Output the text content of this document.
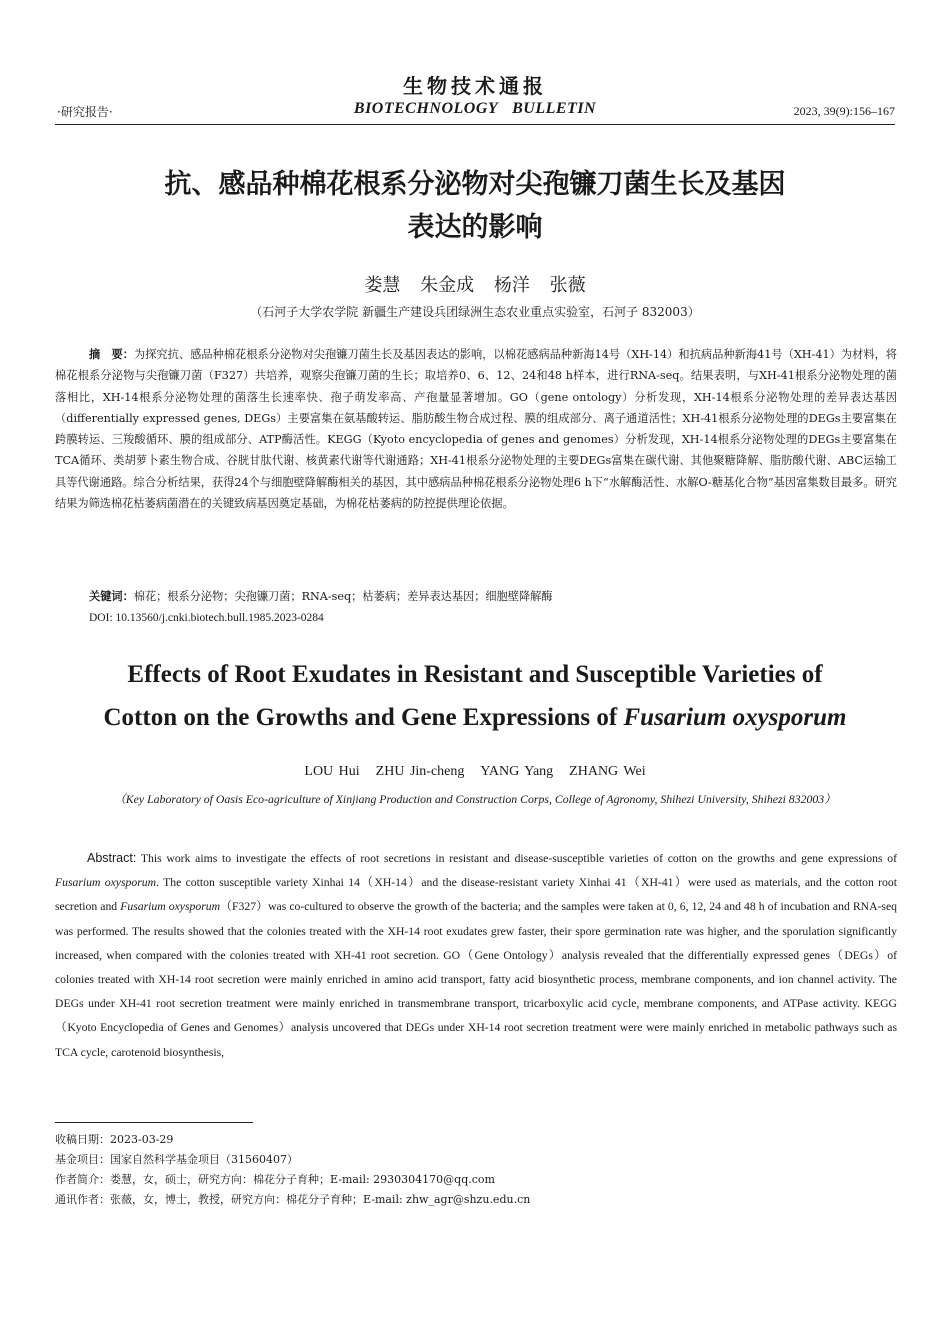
生物技术通报
·研究报告·	BIOTECHNOLOGY BULLETIN	2023, 39(9):156–167
抗、感品种棉花根系分泌物对尖孢镰刀菌生长及基因
表达的影响
娄慧 朱金成 杨洋 张薇
（石河子大学农学院 新疆生产建设兵团绿洲生态农业重点实验室，石河子 832003）
摘　要：为探究抗、感品种棉花根系分泌物对尖孢镰刀菌生长及基因表达的影响，以棉花感病品种新海14号（XH-14）和抗病品种新海41号（XH-41）为材料，将棉花根系分泌物与尖孢镰刀菌（F327）共培养，观察尖孢镰刀菌的生长；取培养0、6、12、24和48 h样本，进行RNA-seq。结果表明，与XH-41根系分泌物处理的菌落相比，XH-14根系分泌物处理的菌落生长速率快、孢子萌发率高、产孢量显著增加。GO（gene ontology）分析发现，XH-14根系分泌物处理的差异表达基因（differentially expressed genes, DEGs）主要富集在氨基酸转运、脂肪酸生物合成过程、膜的组成部分、离子通道活性；XH-41根系分泌物处理的DEGs主要富集在跨膜转运、三羧酸循环、膜的组成部分、ATP酶活性。KEGG（Kyoto encyclopedia of genes and genomes）分析发现，XH-14根系分泌物处理的DEGs主要富集在TCA循环、类胡萝卜素生物合成、谷胱甘肽代谢、核黄素代谢等代谢通路；XH-41根系分泌物处理的主要DEGs富集在碳代谢、其他聚糖降解、脂肪酸代谢、ABC运输工具等代谢通路。综合分析结果，获得24个与细胞壁降解酶相关的基因，其中感病品种棉花根系分泌物处理6 h下“水解酶活性、水解O-糖基化合物”基因富集数目最多。研究结果为筛选棉花枯萎病菌潜在的关键致病基因奠定基础，为棉花枯萎病的防控提供理论依据。
关键词：棉花；根系分泌物；尖孢镰刀菌；RNA-seq；枯萎病；差异表达基因；细胞壁降解酶
DOI: 10.13560/j.cnki.biotech.bull.1985.2023-0284
Effects of Root Exudates in Resistant and Susceptible Varieties of
Cotton on the Growths and Gene Expressions of Fusarium oxysporum
LOU Hui ZHU Jin-cheng YANG Yang ZHANG Wei
（Key Laboratory of Oasis Eco-agriculture of Xinjiang Production and Construction Corps, College of Agronomy, Shihezi University, Shihezi 832003）
Abstract: This work aims to investigate the effects of root secretions in resistant and disease-susceptible varieties of cotton on the growths and gene expressions of Fusarium oxysporum. The cotton susceptible variety Xinhai 14（XH-14）and the disease-resistant variety Xinhai 41（XH-41）were used as materials, and the cotton root secretion and Fusarium oxysporum（F327）was co-cultured to observe the growth of the bacteria; and the samples were taken at 0, 6, 12, 24 and 48 h of incubation and RNA-seq was performed. The results showed that the colonies treated with the XH-14 root exudates grew faster, their spore germination rate was higher, and the sporulation significantly increased, when compared with the colonies treated with XH-41 root secretion. GO（Gene Ontology）analysis revealed that the differentially expressed genes（DEGs）of colonies treated with XH-14 root secretion were mainly enriched in amino acid transport, fatty acid biosynthetic process, membrane components, and ion channel activity. The DEGs under XH-41 root secretion treatment were mainly enriched in transmembrane transport, tricarboxylic acid cycle, membrane components, and ATPase activity. KEGG（Kyoto Encyclopedia of Genes and Genomes）analysis uncovered that DEGs under XH-14 root secretion treatment were were mainly enriched in metabolic pathways such as TCA cycle, carotenoid biosynthesis,
收稿日期：2023-03-29
基金项目：国家自然科学基金项目（31560407）
作者简介：娄慧，女，硕士，研究方向：棉花分子育种；E-mail: 2930304170@qq.com
通讯作者：张薇，女，博士，教授，研究方向：棉花分子育种；E-mail: zhw_agr@shzu.edu.cn
